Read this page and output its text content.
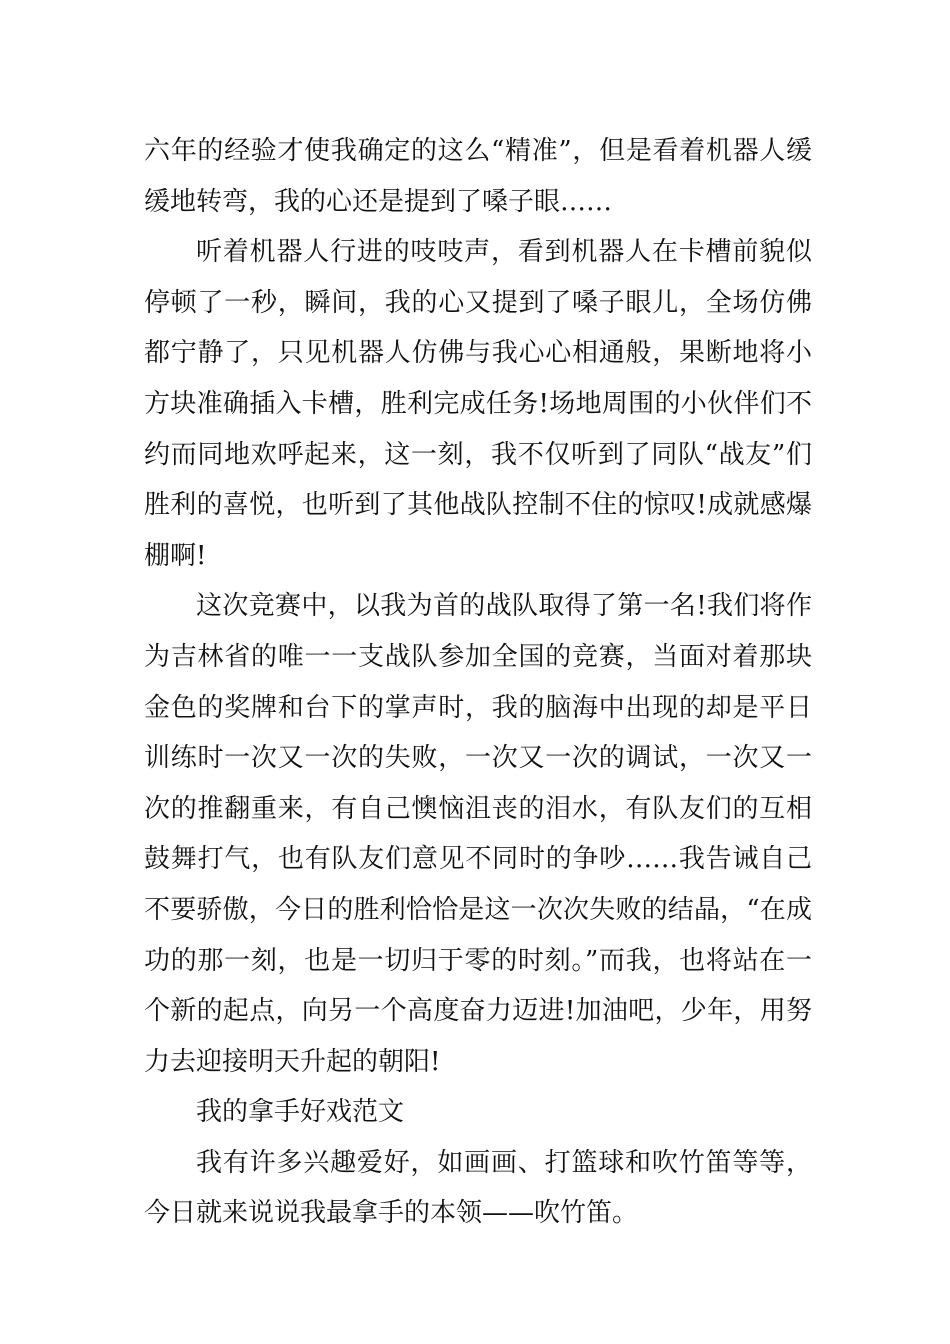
六年的经验才使我确定的这么“精准”，但是看着机器人缓缓地转弯，我的心还是提到了嗓子眼……

听着机器人行进的吱吱声，看到机器人在卡槽前貌似停顿了一秒，瞬间，我的心又提到了嗓子眼儿，全场仿佛都宁静了，只见机器人仿佛与我心心相通般，果断地将小方块准确插入卡槽，胜利完成任务!场地周围的小伙伴们不约而同地欢呼起来，这一刻，我不仅听到了同队“战友”们胜利的喜悦，也听到了其他战队控制不住的惊叹!成就感爆棚啊!

这次竞赛中，以我为首的战队取得了第一名!我们将作为吉林省的唯一一支战队参加全国的竞赛，当面对着那块金色的奖牌和台下的掌声时，我的脑海中出现的却是平日训练时一次又一次的失败，一次又一次的调试，一次又一次的推翻重来，有自己懊恼沮丧的泪水，有队友们的互相鼓舞打气，也有队友们意见不同时的争吵……我告诫自己不要骄傲，今日的胜利恰恰是这一次次失败的结晶，“在成功的那一刻，也是一切归于零的时刻。”而我，也将站在一个新的起点，向另一个高度奋力迈进!加油吧，少年，用努力去迎接明天升起的朝阳!

我的拿手好戏范文

我有许多兴趣爱好，如画画、打篮球和吹竹笛等等，今日就来说说我最拿手的本领——吹竹笛。
